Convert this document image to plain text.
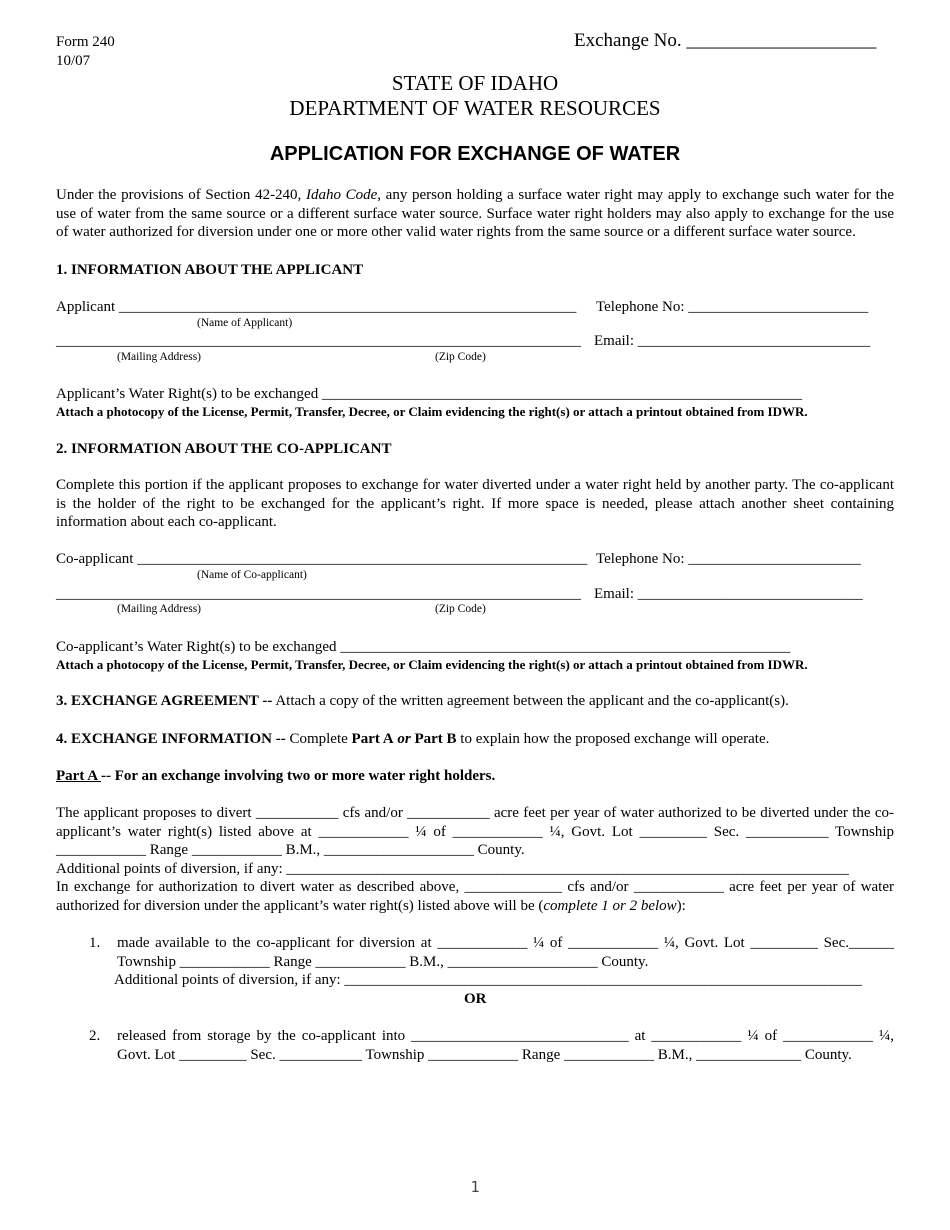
Form 240
10/07
Exchange No. ____________________
STATE OF IDAHO
DEPARTMENT OF WATER RESOURCES
APPLICATION FOR EXCHANGE OF WATER
Under the provisions of Section 42-240, Idaho Code, any person holding a surface water right may apply to exchange such water for the use of water from the same source or a different surface water source. Surface water right holders may also apply to exchange for the use of water authorized for diversion under one or more other valid water rights from the same source or a different surface water source.
1. INFORMATION ABOUT THE APPLICANT
Applicant _____________________________________________________________ Telephone No: ________________________
(Name of Applicant)
______________________________________________________________________ Email: _______________________________
(Mailing Address)	(Zip Code)
Applicant’s Water Right(s) to be exchanged ________________________________________________________________
Attach a photocopy of the License, Permit, Transfer, Decree, or Claim evidencing the right(s) or attach a printout obtained from IDWR.
2. INFORMATION ABOUT THE CO-APPLICANT
Complete this portion if the applicant proposes to exchange for water diverted under a water right held by another party. The co-applicant is the holder of the right to be exchanged for the applicant’s right. If more space is needed, please attach another sheet containing information about each co-applicant.
Co-applicant ____________________________________________________________ Telephone No: _______________________
(Name of Co-applicant)
______________________________________________________________________ Email: ______________________________
(Mailing Address)	(Zip Code)
Co-applicant’s Water Right(s) to be exchanged ____________________________________________________________
Attach a photocopy of the License, Permit, Transfer, Decree, or Claim evidencing the right(s) or attach a printout obtained from IDWR.
3. EXCHANGE AGREEMENT -- Attach a copy of the written agreement between the applicant and the co-applicant(s).
4. EXCHANGE INFORMATION -- Complete Part A or Part B to explain how the proposed exchange will operate.
Part A -- For an exchange involving two or more water right holders.
The applicant proposes to divert ___________ cfs and/or ___________ acre feet per year of water authorized to be diverted under the co-applicant’s water right(s) listed above at ____________ ¼ of ____________ ¼, Govt. Lot _________ Sec. ___________ Township ____________ Range ____________ B.M., ____________________ County.
Additional points of diversion, if any: ___________________________________________________________________________
In exchange for authorization to divert water as described above, _____________ cfs and/or ____________ acre feet per year of water authorized for diversion under the applicant’s water right(s) listed above will be (complete 1 or 2 below):
1. made available to the co-applicant for diversion at ____________ ¼ of ____________ ¼, Govt. Lot _________ Sec.______ Township ____________ Range ____________ B.M., ____________________ County.
Additional points of diversion, if any: _____________________________________________________________________
OR
2. released from storage by the co-applicant into _____________________________ at ____________ ¼ of ____________ ¼, Govt. Lot _________ Sec. ___________ Township ____________ Range ____________ B.M., ______________ County.
1
